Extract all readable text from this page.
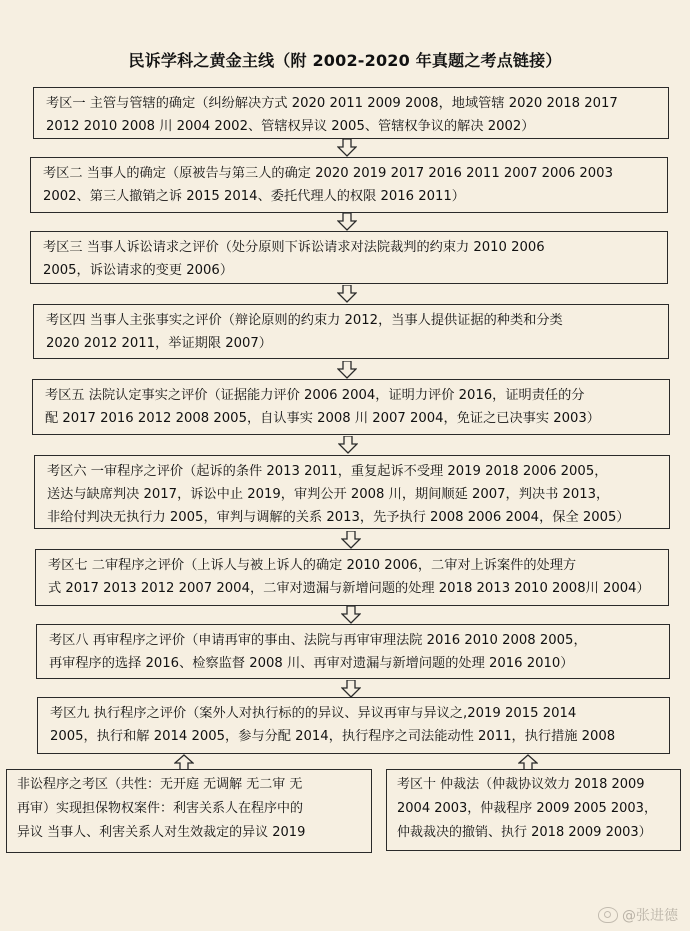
民诉学科之黄金主线（附 2002-2020 年真题之考点链接）
考区一 主管与管辖的确定（纠纷解决方式 2020 2011 2009 2008，地域管辖 2020 2018 2017
2012 2010 2008 川 2004 2002、管辖权异议 2005、管辖权争议的解决 2002）
考区二 当事人的确定（原被告与第三人的确定 2020 2019 2017 2016 2011 2007 2006 2003
2002、第三人撤销之诉 2015 2014、委托代理人的权限 2016 2011）
考区三 当事人诉讼请求之评价（处分原则下诉讼请求对法院裁判的约束力 2010 2006
2005，诉讼请求的变更 2006）
考区四 当事人主张事实之评价（辩论原则的约束力 2012，当事人提供证据的种类和分类
2020 2012 2011，举证期限 2007）
考区五 法院认定事实之评价（证据能力评价 2006 2004，证明力评价 2016，证明责任的分
配 2017 2016 2012 2008 2005，自认事实 2008 川 2007 2004，免证之已决事实 2003）
考区六 一审程序之评价（起诉的条件 2013 2011，重复起诉不受理 2019 2018 2006 2005，
送达与缺席判决 2017，诉讼中止 2019，审判公开 2008 川，期间顺延 2007，判决书 2013，
非给付判决无执行力 2005，审判与调解的关系 2013，先予执行 2008 2006 2004，保全 2005）
考区七 二审程序之评价（上诉人与被上诉人的确定 2010 2006，二审对上诉案件的处理方
式 2017 2013 2012 2007 2004，二审对遗漏与新增问题的处理 2018 2013 2010 2008川 2004）
考区八 再审程序之评价（申请再审的事由、法院与再审审理法院 2016 2010 2008 2005，
再审程序的选择 2016、检察监督 2008 川、再审对遗漏与新增问题的处理 2016 2010）
考区九 执行程序之评价（案外人对执行标的的异议、异议再审与异议之,2019 2015 2014
2005，执行和解 2014 2005，参与分配 2014，执行程序之司法能动性 2011，执行措施 2008
非讼程序之考区（共性：无开庭 无调解 无二审 无
再审）实现担保物权案件：利害关系人在程序中的
异议 当事人、利害关系人对生效裁定的异议 2019
考区十 仲裁法（仲裁协议效力 2018 2009
2004 2003，仲裁程序 2009 2005 2003，
仲裁裁决的撤销、执行 2018 2009 2003）
@张进德
